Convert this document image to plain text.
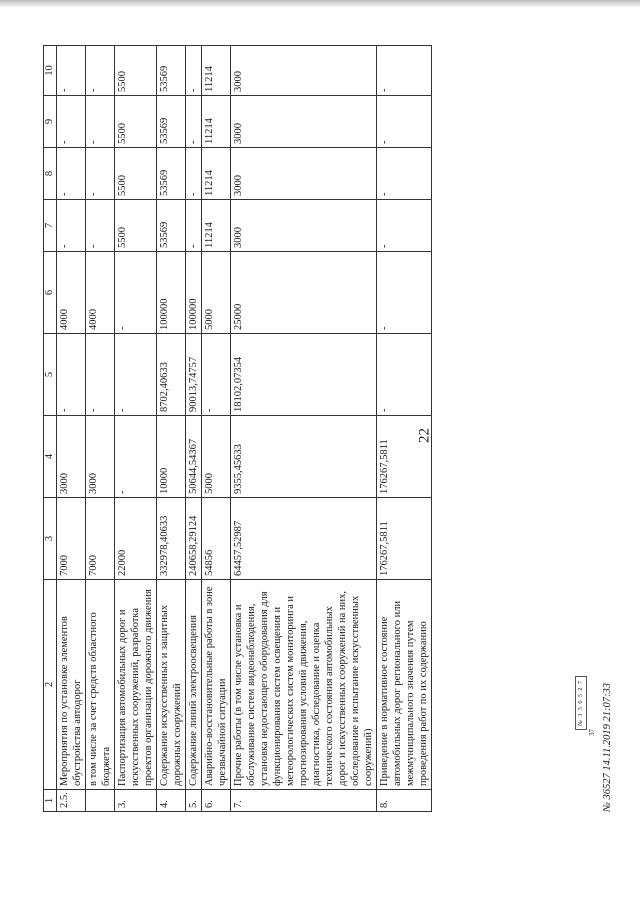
22
1	2	3	4	5	6	7	8	9	10
2.5.	Мероприятия по установке элементов обустройства автодорог	7000	3000	-	4000	-	-	-	-
	в том числе за счет средств областного бюджета	7000	3000	-	4000	-	-	-	-
3.	Паспортизация автомобильных дорог и искусственных сооружений, разработка проектов организации дорожного движения	22000	-	-	-	5500	5500	5500	5500
4.	Содержание искусственных и защитных дорожных сооружений	332978,40633	10000	8702,40633	100000	53569	53569	53569	53569
5.	Содержание линий электроосвещения	240658,29124	50644,54367	90013,74757	100000	-	-	-	-
6.	Аварийно-восстановительные работы в зоне чрезвычайной ситуации	54856	5000	-	5000	11214	11214	11214	11214
7.	Прочие работы (в том числе установка и обслуживание систем видеонаблюдения, установка недостающего оборудования для функционирования систем освещения и метеорологических систем мониторинга и прогнозирования условий движения, диагностика, обследование и оценка технического состояния автомобильных дорог и искусственных сооружений на них, обследование и испытание искусственных сооружений)	64457,52987	9355,45633	18102,07354	25000	3000	3000	3000	3000
8.	Приведение в нормативное состояние автомобильных дорог регионального или межмуниципального значения путем проведения работ по их содержанию	176267,5811	176267,5811	-	-	-	-	-	-
№ 3 5 6 5 2 7
37 № 36527 14.11.2019 21:07:33
